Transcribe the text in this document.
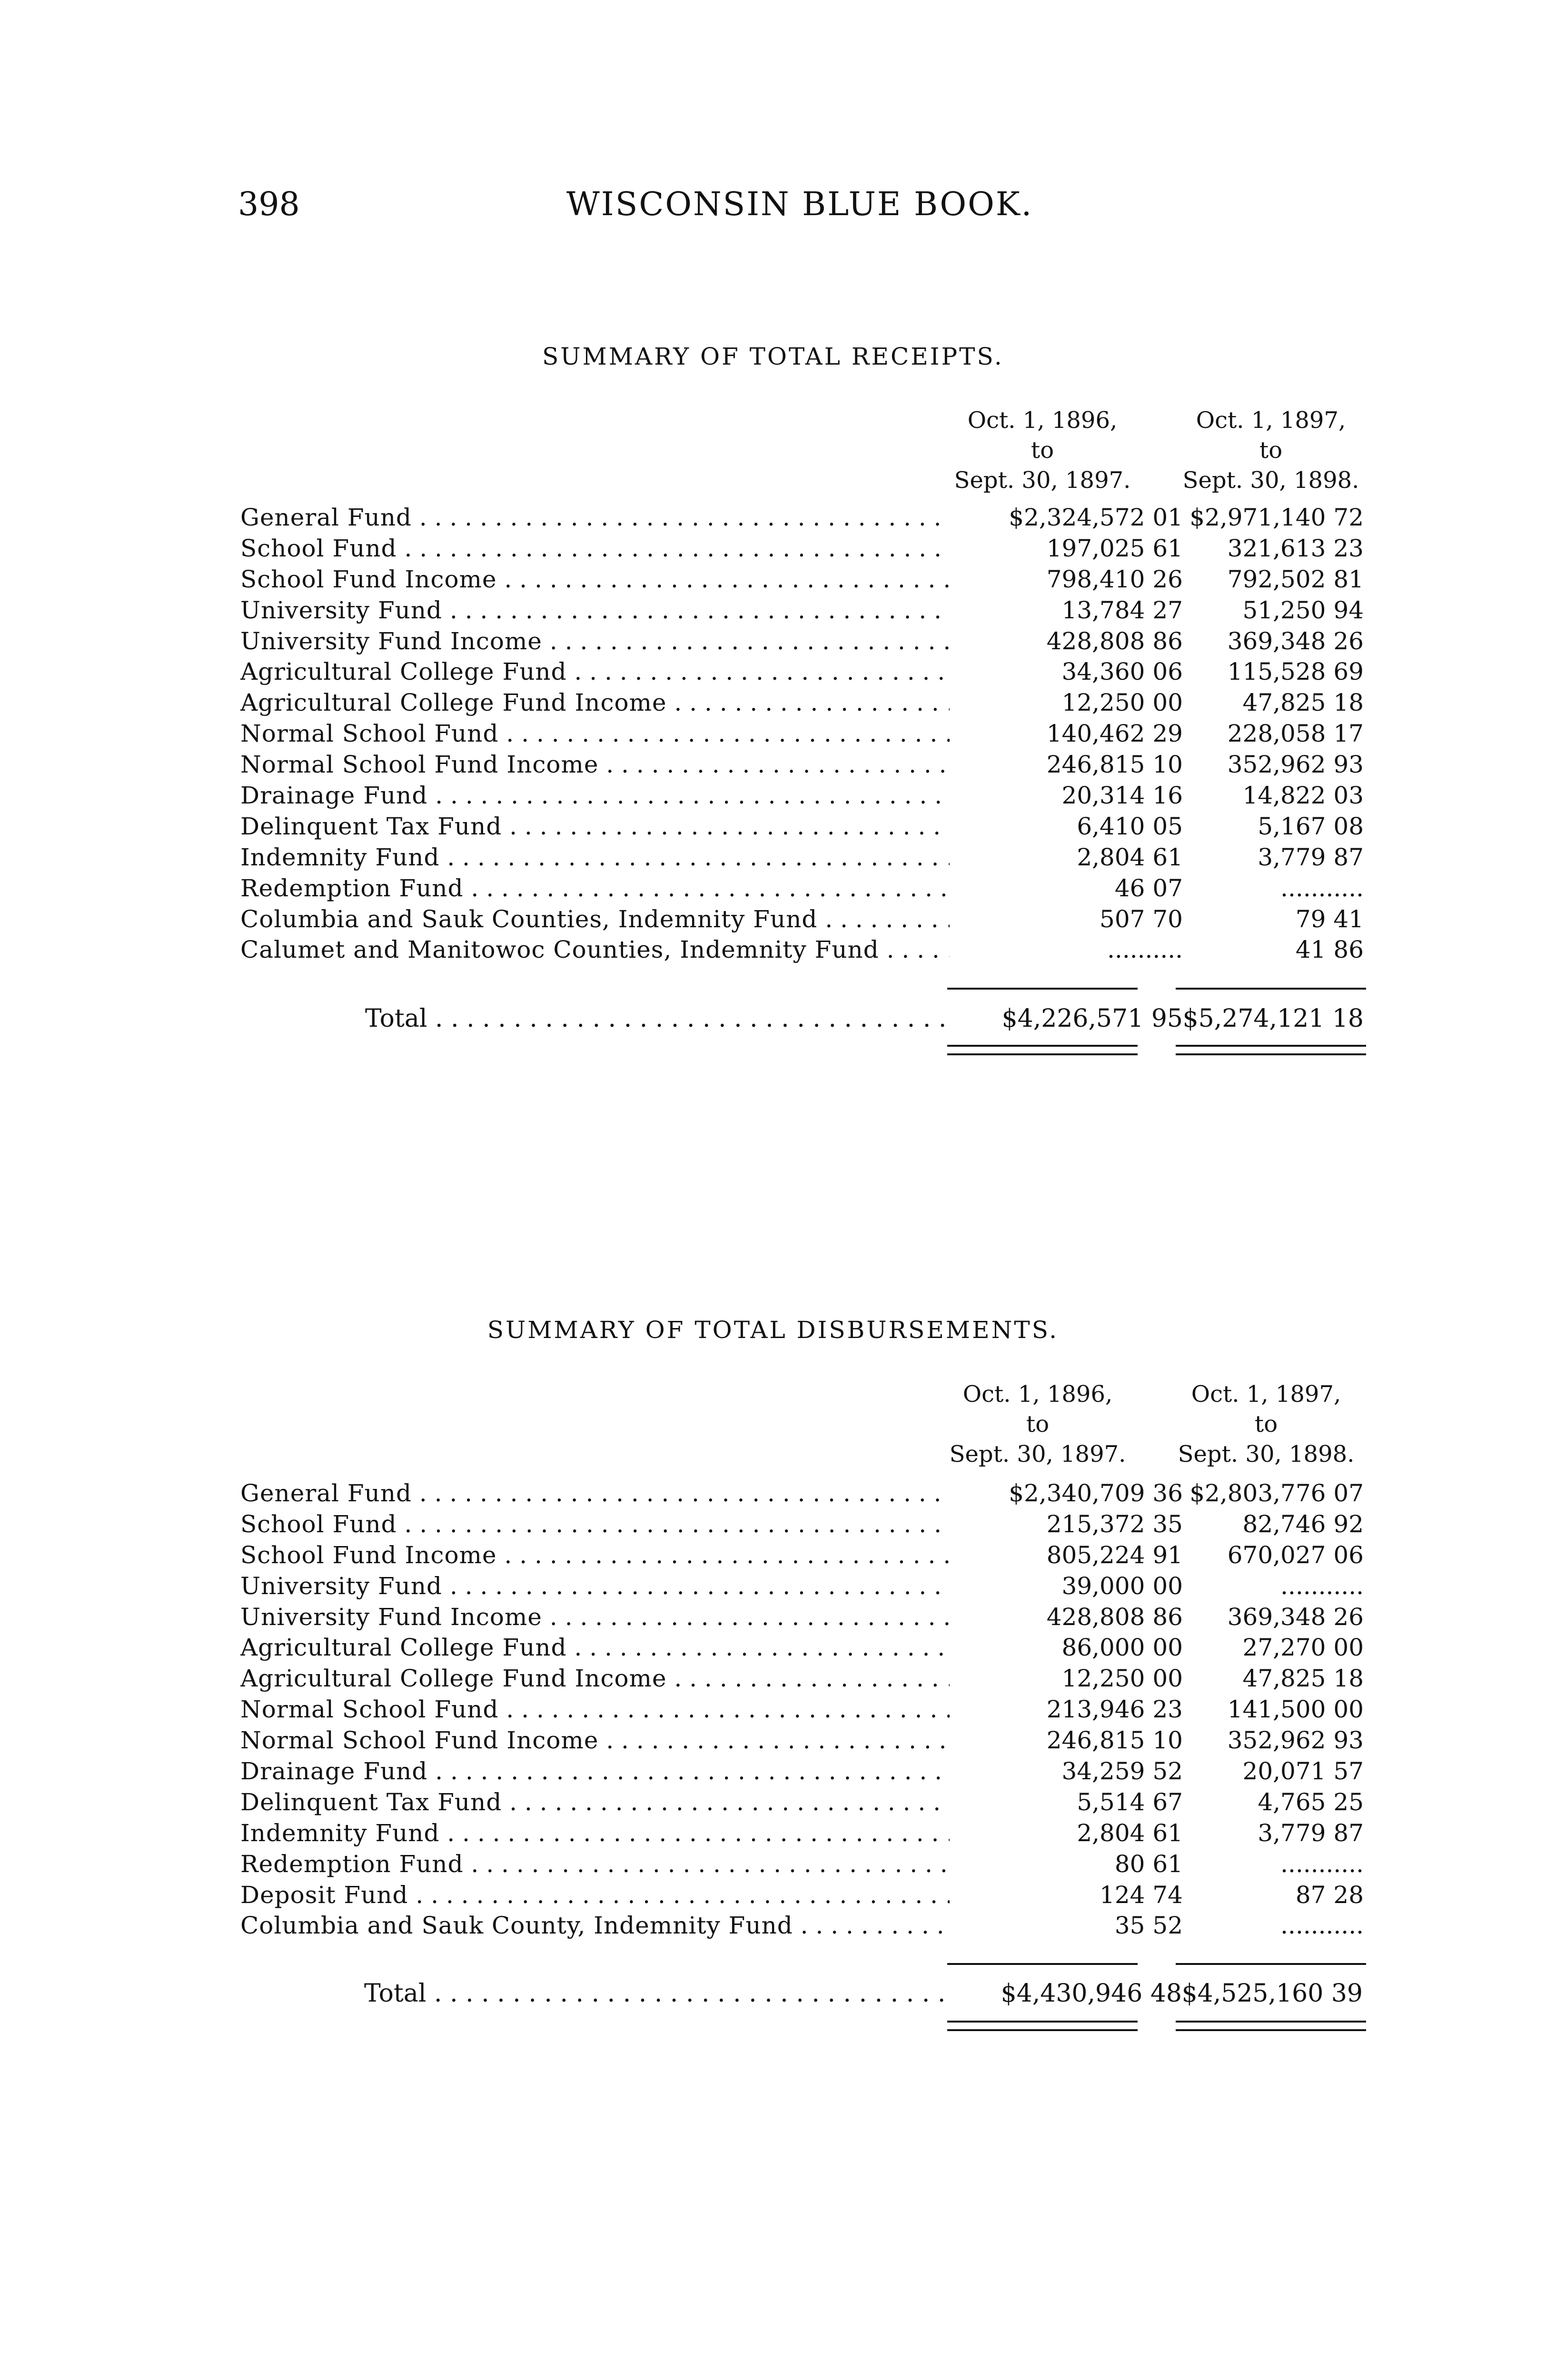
398	WISCONSIN BLUE BOOK.
SUMMARY OF TOTAL RECEIPTS.
Oct. 1, 1896,
to
Sept. 30, 1897.
Oct. 1, 1897,
to
Sept. 30, 1898.
General Fund . . .	$2,324,572 01 $2,971,140 72
School Fund . . .	197,025 61	321,613 23
School Fund Income . . .	798,410 26	792,502 81
University Fund . . .	13,784 27	51,250 94
University Fund Income . . .	428,808 86	369,348 26
Agricultural College Fund . . .	34,360 06	115,528 69
Agricultural College Fund Income . . .	12,250 00	47,825 18
Normal School Fund . . .	140,462 29	228,058 17
Normal School Fund Income . . .	246,815 10	352,962 93
Drainage Fund . . .	20,314 16	14,822 03
Delinquent Tax Fund . . .	6,410 05	5,167 08
Indemnity Fund . . .	2,804 61	3,779 87
Redemption Fund . . .	46 07	...........
Columbia and Sauk Counties, Indemnity Fund . . .	507 70	79 41
Calumet and Manitowoc Counties, Indemnity Fund . . .	..........	41 86
Total . . .	$4,226,571 95 $5,274,121 18
SUMMARY OF TOTAL DISBURSEMENTS.
Oct. 1, 1896,
to
Sept. 30, 1897.
Oct. 1, 1897,
to
Sept. 30, 1898.
General Fund . . .	$2,340,709 36 $2,803,776 07
School Fund . . .	215,372 35	82,746 92
School Fund Income . . .	805,224 91	670,027 06
University Fund . . .	39,000 00	...........
University Fund Income . . .	428,808 86	369,348 26
Agricultural College Fund . . .	86,000 00	27,270 00
Agricultural College Fund Income . . .	12,250 00	47,825 18
Normal School Fund . . .	213,946 23	141,500 00
Normal School Fund Income . . .	246,815 10	352,962 93
Drainage Fund . . .	34,259 52	20,071 57
Delinquent Tax Fund . . .	5,514 67	4,765 25
Indemnity Fund . . .	2,804 61	3,779 87
Redemption Fund . . .	80 61	...........
Deposit Fund . . .	124 74	87 28
Columbia and Sauk County, Indemnity Fund . . .	35 52	...........
Total . . .	$4,430,946 48 $4,525,160 39
